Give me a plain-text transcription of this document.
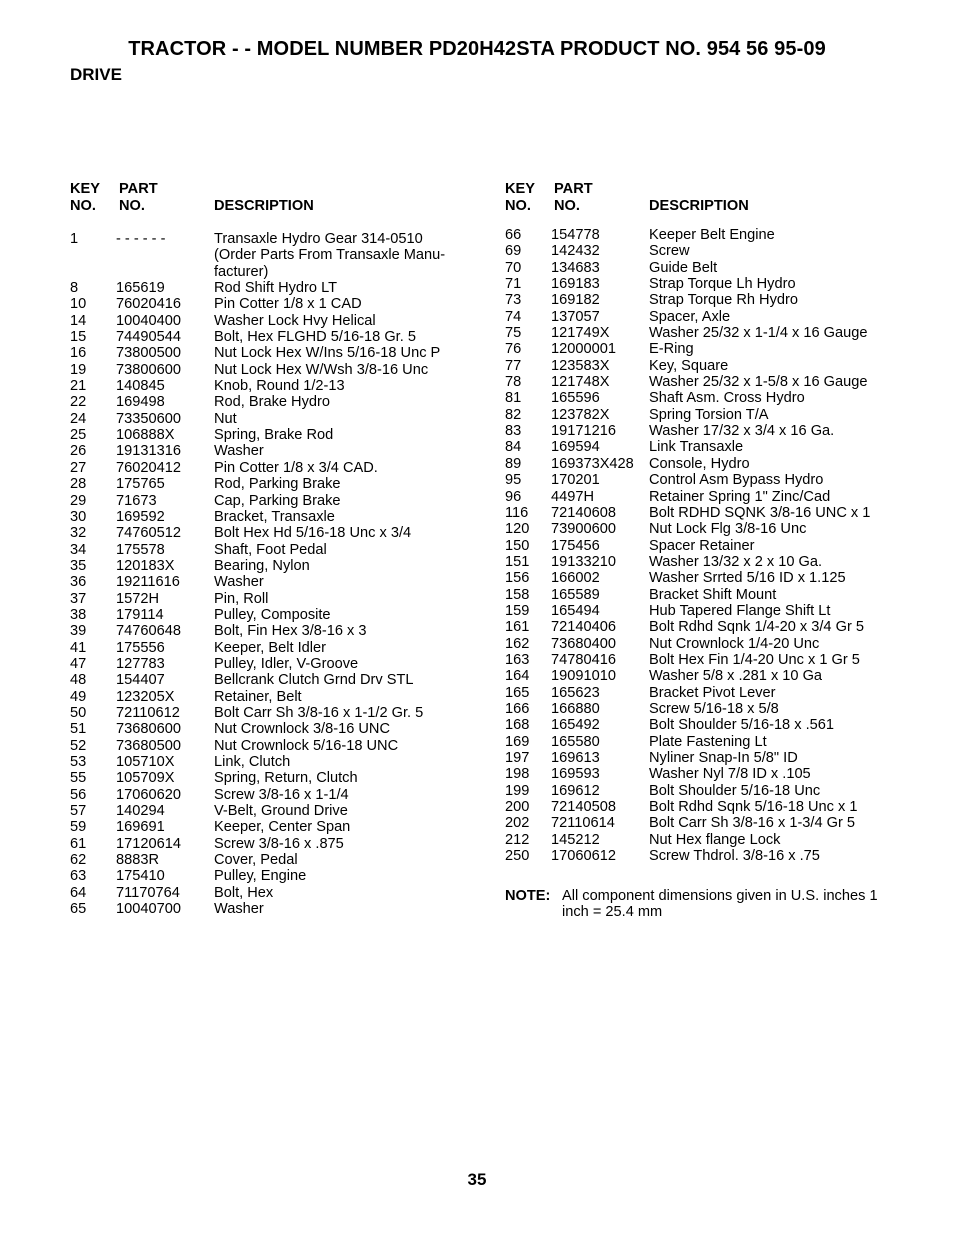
TRACTOR - - MODEL NUMBER PD20H42STA PRODUCT NO. 954 56 95-09
DRIVE
KEY
NO.
PART
NO.	DESCRIPTION
1	- - - - - -	Transaxle Hydro Gear 314-0510 (Order Parts From Transaxle Manu-facturer)
8	165619	Rod Shift Hydro LT
10 76020416 Pin Cotter 1/8 x 1 CAD
14 10040400 Washer Lock Hvy Helical
15 74490544 Bolt, Hex FLGHD 5/16-18 Gr. 5
16 73800500 Nut Lock Hex W/Ins 5/16-18 Unc P
19 73800600 Nut Lock Hex W/Wsh 3/8-16 Unc
21 140845	Knob, Round 1/2-13
22 169498	Rod, Brake Hydro
24 73350600 Nut
25 106888X	Spring, Brake Rod
26 19131316 Washer
27 76020412 Pin Cotter 1/8 x 3/4 CAD.
28 175765	Rod, Parking Brake
29 71673	Cap, Parking Brake
30 169592	Bracket, Transaxle
32 74760512 Bolt Hex Hd 5/16-18 Unc x 3/4
34 175578	Shaft, Foot Pedal
35 120183X	Bearing, Nylon
36 19211616 Washer
37 1572H	Pin, Roll
38 179114	Pulley, Composite
39 74760648 Bolt, Fin Hex 3/8-16 x 3
41 175556	Keeper, Belt Idler
47 127783	Pulley, Idler, V-Groove
48 154407	Bellcrank Clutch Grnd Drv STL
49 123205X	Retainer, Belt
50 72110612 Bolt Carr Sh 3/8-16 x 1-1/2 Gr. 5
51 73680600 Nut Crownlock 3/8-16 UNC
52 73680500 Nut Crownlock 5/16-18 UNC
53 105710X	Link, Clutch
55 105709X	Spring, Return, Clutch
56 17060620 Screw 3/8-16 x 1-1/4
57 140294	V-Belt, Ground Drive
59 169691	Keeper, Center Span
61 17120614 Screw 3/8-16 x .875
62 8883R	Cover, Pedal
63 175410	Pulley, Engine
64 71170764 Bolt, Hex
65 10040700 Washer
KEY
NO.
PART
NO.	DESCRIPTION
66 154778	Keeper Belt Engine
69 142432	Screw
70 134683	Guide Belt
71 169183	Strap Torque Lh Hydro
73 169182	Strap Torque Rh Hydro
74 137057	Spacer, Axle
75 121749X	Washer 25/32 x 1-1/4 x 16 Gauge
76 12000001 E-Ring
77 123583X	Key, Square
78 121748X	Washer 25/32 x 1-5/8 x 16 Gauge
81 165596	Shaft Asm. Cross Hydro
82 123782X	Spring Torsion T/A
83 19171216 Washer 17/32 x 3/4 x 16 Ga.
84 169594	Link Transaxle
89 169373X428 Console, Hydro
95 170201	Control Asm Bypass Hydro
96 4497H	Retainer Spring 1" Zinc/Cad
116 72140608 Bolt RDHD SQNK 3/8-16 UNC x 1
120 73900600 Nut Lock Flg 3/8-16 Unc
150 175456	Spacer Retainer
151 19133210 Washer 13/32 x 2 x 10 Ga.
156 166002	Washer Srrted 5/16 ID x 1.125
158 165589	Bracket Shift Mount
159 165494	Hub Tapered Flange Shift Lt
161 72140406 Bolt Rdhd Sqnk 1/4-20 x 3/4 Gr 5
162 73680400 Nut Crownlock 1/4-20 Unc
163 74780416 Bolt Hex Fin 1/4-20 Unc x 1 Gr 5
164 19091010 Washer 5/8 x .281 x 10 Ga
165 165623	Bracket Pivot Lever
166 166880	Screw 5/16-18 x 5/8
168 165492	Bolt Shoulder 5/16-18 x .561
169 165580	Plate Fastening Lt
197 169613	Nyliner Snap-In 5/8" ID
198 169593	Washer Nyl 7/8 ID x .105
199 169612	Bolt Shoulder 5/16-18 Unc
200 72140508 Bolt Rdhd Sqnk 5/16-18 Unc x 1
202 72110614 Bolt Carr Sh 3/8-16 x 1-3/4 Gr 5
212 145212	Nut Hex flange Lock
250 17060612 Screw Thdrol. 3/8-16 x .75
NOTE: All component dimensions given in U.S. inches 1 inch = 25.4 mm
35
